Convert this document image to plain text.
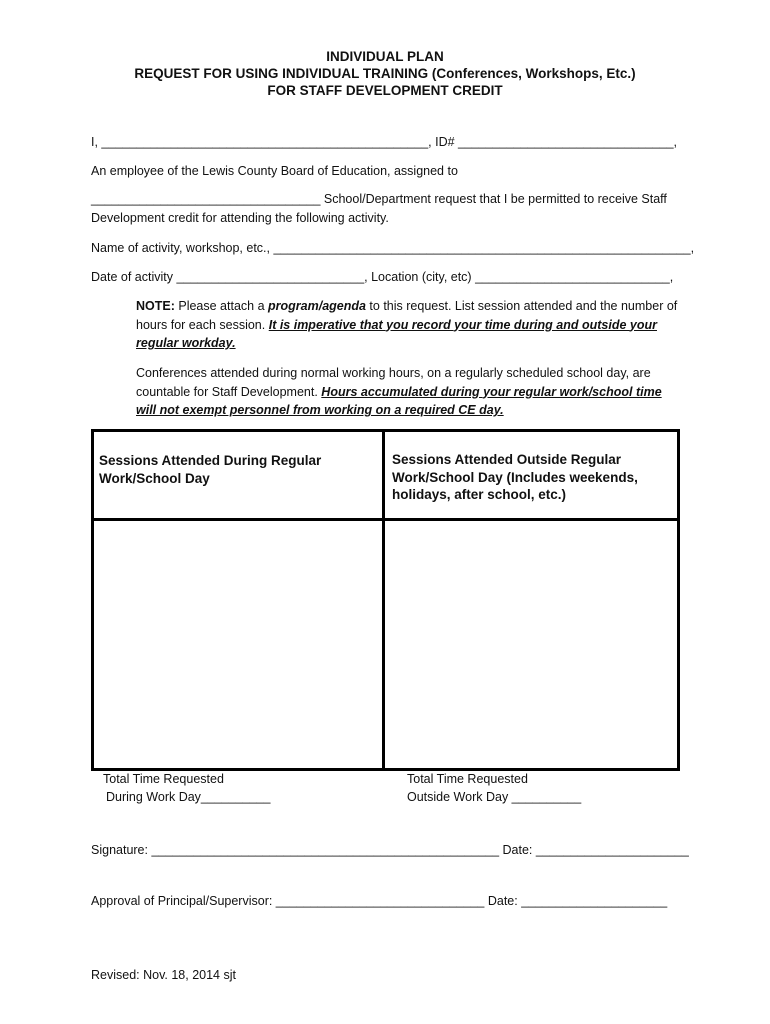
INDIVIDUAL PLAN
REQUEST FOR USING INDIVIDUAL TRAINING (Conferences, Workshops, Etc.)
FOR STAFF DEVELOPMENT CREDIT
I, _______________________________________________, ID# _______________________________,
An employee of the Lewis County Board of Education, assigned to
_________________________________ School/Department request that I be permitted to receive Staff
Development credit for attending the following activity.
Name of activity, workshop, etc., ____________________________________________________________,
Date of activity ___________________________, Location (city, etc) ____________________________,
NOTE: Please attach a program/agenda to this request. List session attended and the number of hours for each session. It is imperative that you record your time during and outside your regular workday.
Conferences attended during normal working hours, on a regularly scheduled school day, are countable for Staff Development. Hours accumulated during your regular work/school time will not exempt personnel from working on a required CE day.
Sessions Attended During Regular Work/School Day
Sessions Attended Outside Regular Work/School Day (Includes weekends, holidays, after school, etc.)
Total Time Requested
During Work Day__________
Total Time Requested
Outside Work Day __________
Signature: __________________________________________________ Date: ______________________
Approval of Principal/Supervisor: ______________________________ Date: _____________________
Revised: Nov. 18, 2014 sjt
